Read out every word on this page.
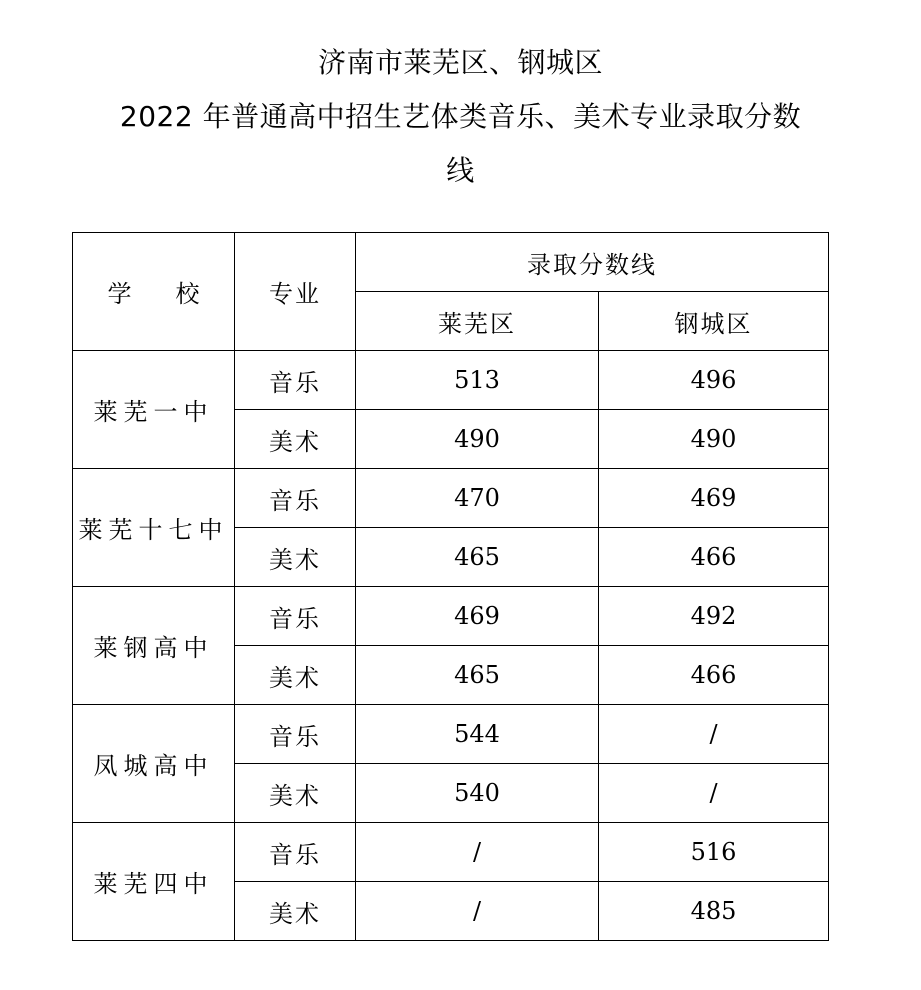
济南市莱芜区、钢城区
2022 年普通高中招生艺体类音乐、美术专业录取分数
线
学 校	专业	录取分数线	
		莱芜区	钢城区
莱芜一中	音乐	513	496
	美术	490	490
莱芜十七中	音乐	470	469
	美术	465	466
莱钢高中	音乐	469	492
	美术	465	466
凤城高中	音乐	544	/
	美术	540	/
莱芜四中	音乐	/	516
	美术	/	485
